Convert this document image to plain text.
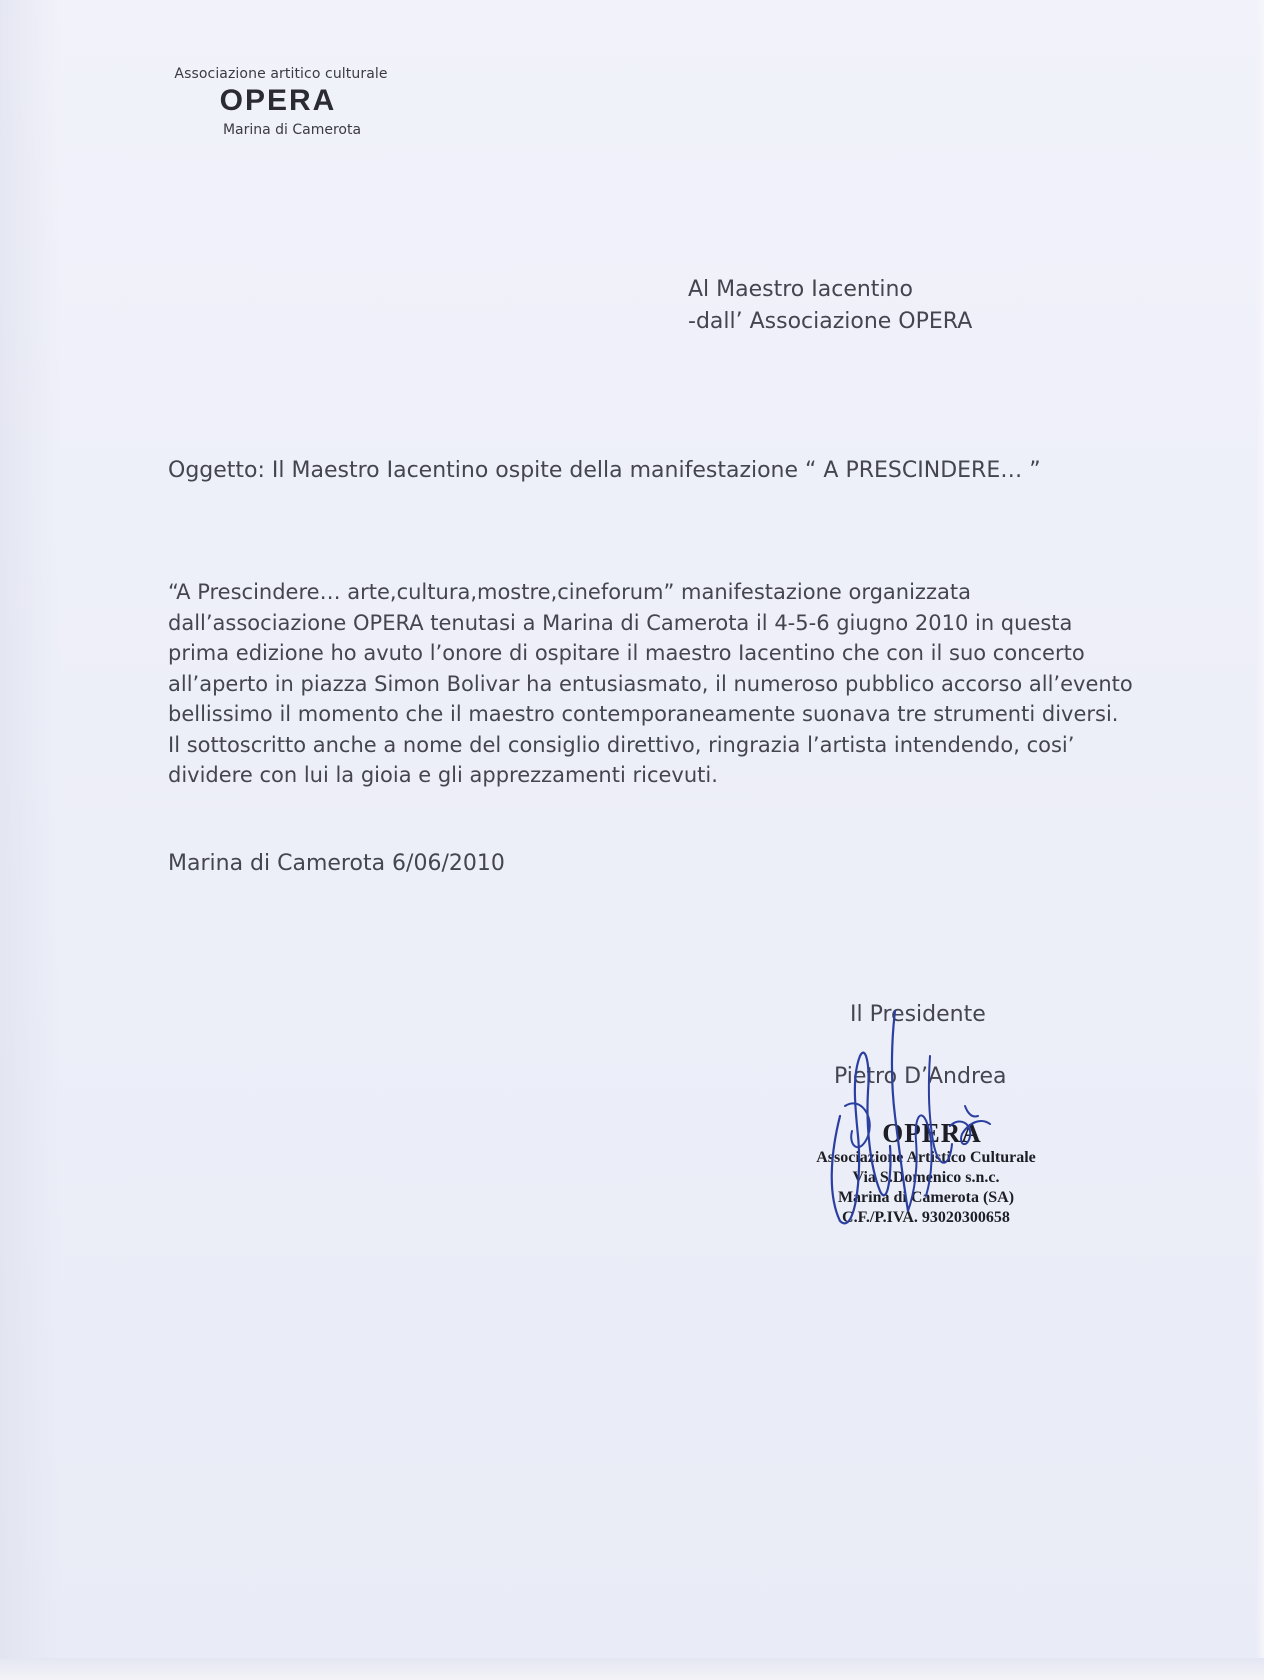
Associazione artitico culturale
OPERA
Marina di Camerota
Al Maestro Iacentino
-dall’ Associazione OPERA
Oggetto: Il Maestro Iacentino ospite della manifestazione “ A PRESCINDERE… ”
“A Prescindere… arte,cultura,mostre,cineforum” manifestazione organizzata
dall’associazione OPERA tenutasi a Marina di Camerota il 4-5-6 giugno 2010 in questa
prima edizione ho avuto l’onore di ospitare il maestro Iacentino che con il suo concerto
all’aperto in piazza Simon Bolivar ha entusiasmato, il numeroso pubblico accorso all’evento
bellissimo il momento che il maestro contemporaneamente suonava tre strumenti diversi.
Il sottoscritto anche a nome del consiglio direttivo, ringrazia l’artista intendendo, cosi’
dividere con lui la gioia e gli apprezzamenti ricevuti.
Marina di Camerota 6/06/2010
Il Presidente
Pietro D’Andrea
OPERA
Associazione Artistico Culturale
Via S.Domenico s.n.c.
Marina di Camerota (SA)
C.F./P.IVA. 93020300658
